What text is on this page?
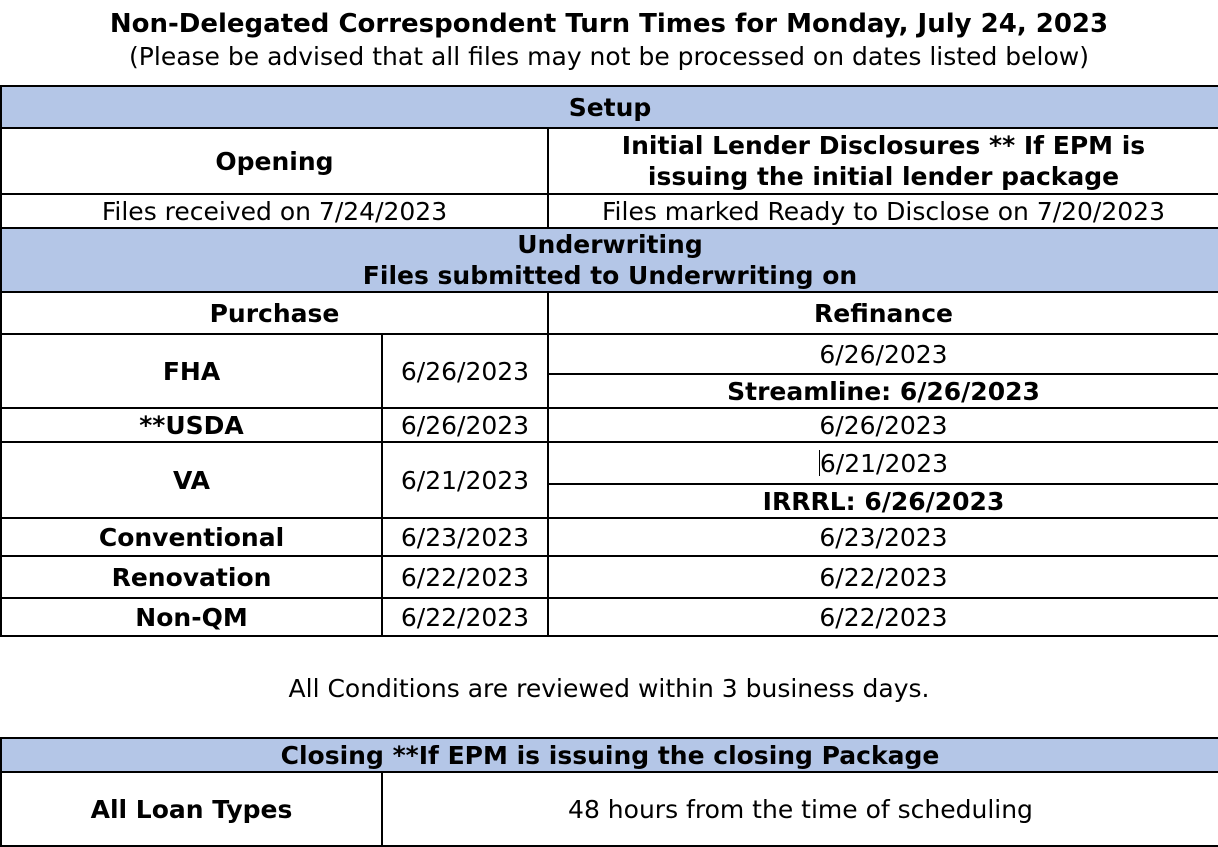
Non-Delegated Correspondent Turn Times for Monday, July 24, 2023
(Please be advised that all files may not be processed on dates listed below)
Setup		
Opening		Initial Lender Disclosures ** If EPM is
issuing the initial lender package
Files received on 7/24/2023		Files marked Ready to Disclose on 7/20/2023
Underwriting
Files submitted to Underwriting on		
Purchase		Refinance
FHA	6/26/2023	6/26/2023
		Streamline: 6/26/2023
**USDA	6/26/2023	6/26/2023
VA	6/21/2023	6/21/2023
		IRRRL: 6/26/2023
Conventional	6/23/2023	6/23/2023
Renovation	6/22/2023	6/22/2023
Non-QM	6/22/2023	6/22/2023
All Conditions are reviewed within 3 business days.
Closing **If EPM is issuing the closing Package
All Loan Types	48 hours from the time of scheduling
